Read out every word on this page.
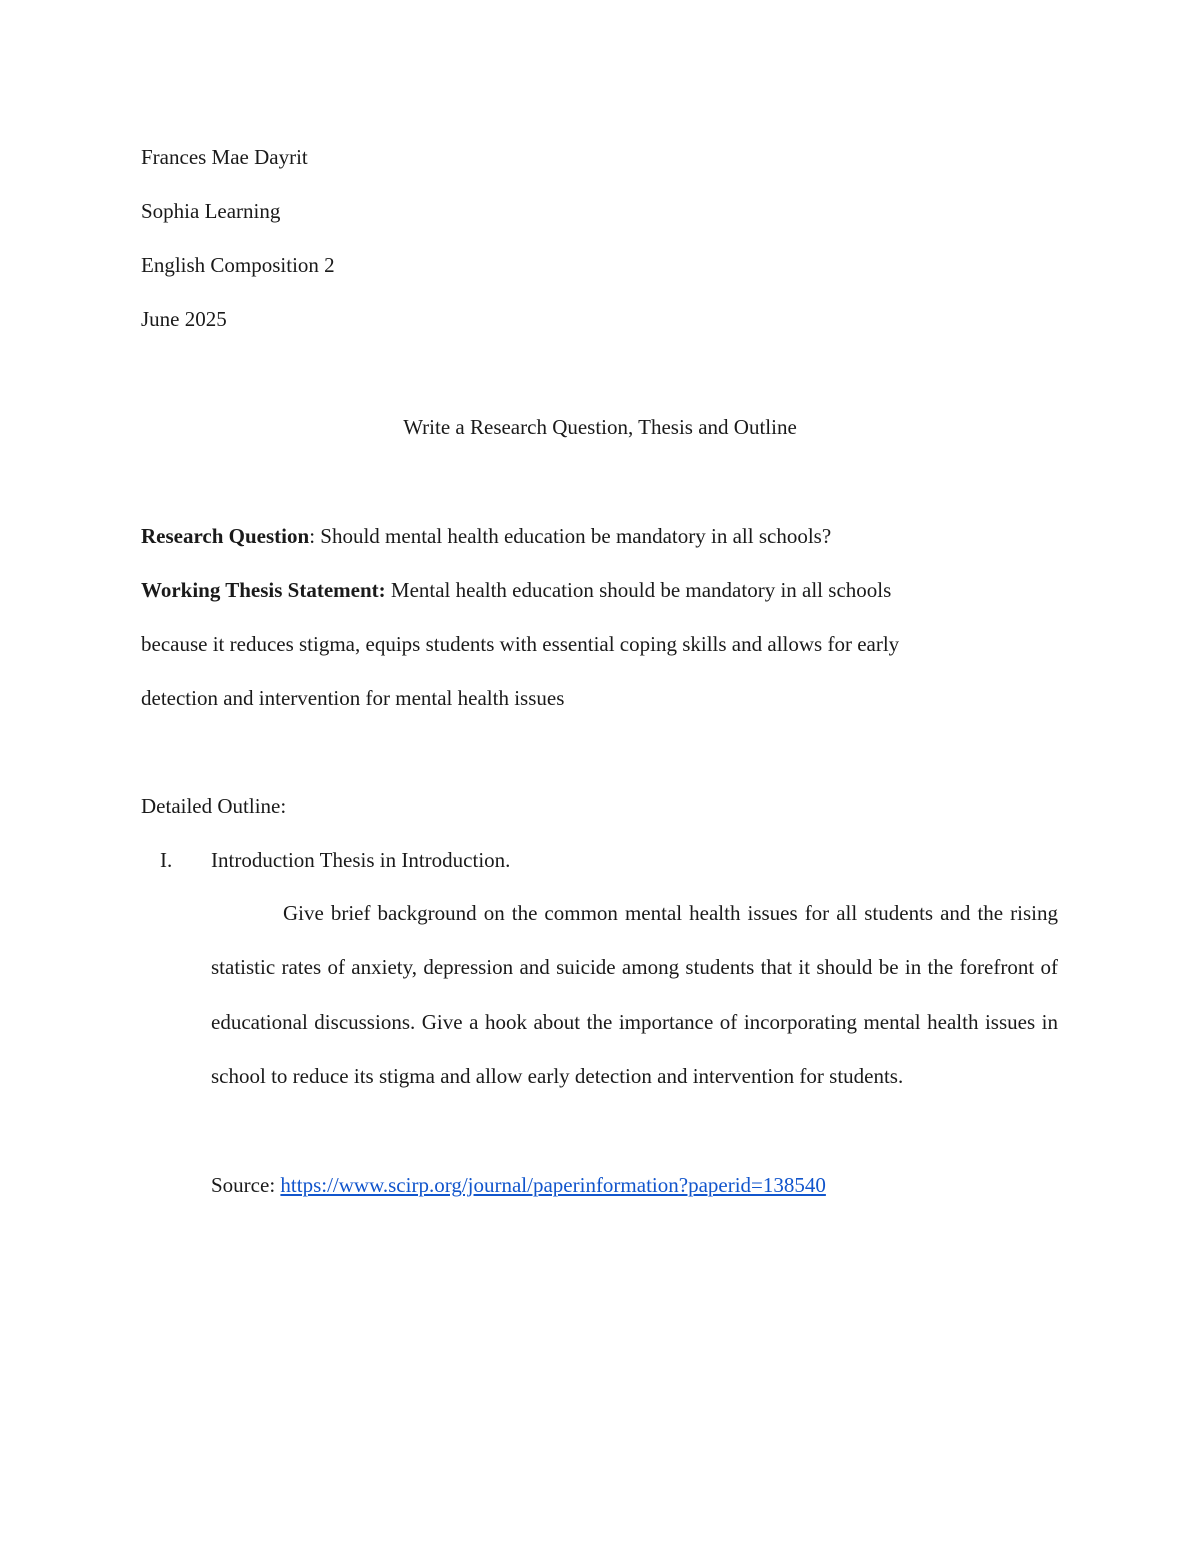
Frances Mae Dayrit
Sophia Learning
English Composition 2
June 2025
Write a Research Question, Thesis and Outline
Research Question: Should mental health education be mandatory in all schools?
Working Thesis Statement: Mental health education should be mandatory in all schools
because it reduces stigma, equips students with essential coping skills and allows for early
detection and intervention for mental health issues
Detailed Outline:
I. Introduction Thesis in Introduction.

Give brief background on the common mental health issues for all students and the rising statistic rates of anxiety, depression and suicide among students that it should be in the forefront of educational discussions. Give a hook about the importance of incorporating mental health issues in school to reduce its stigma and allow early detection and intervention for students.

Source: https://www.scirp.org/journal/paperinformation?paperid=138540
